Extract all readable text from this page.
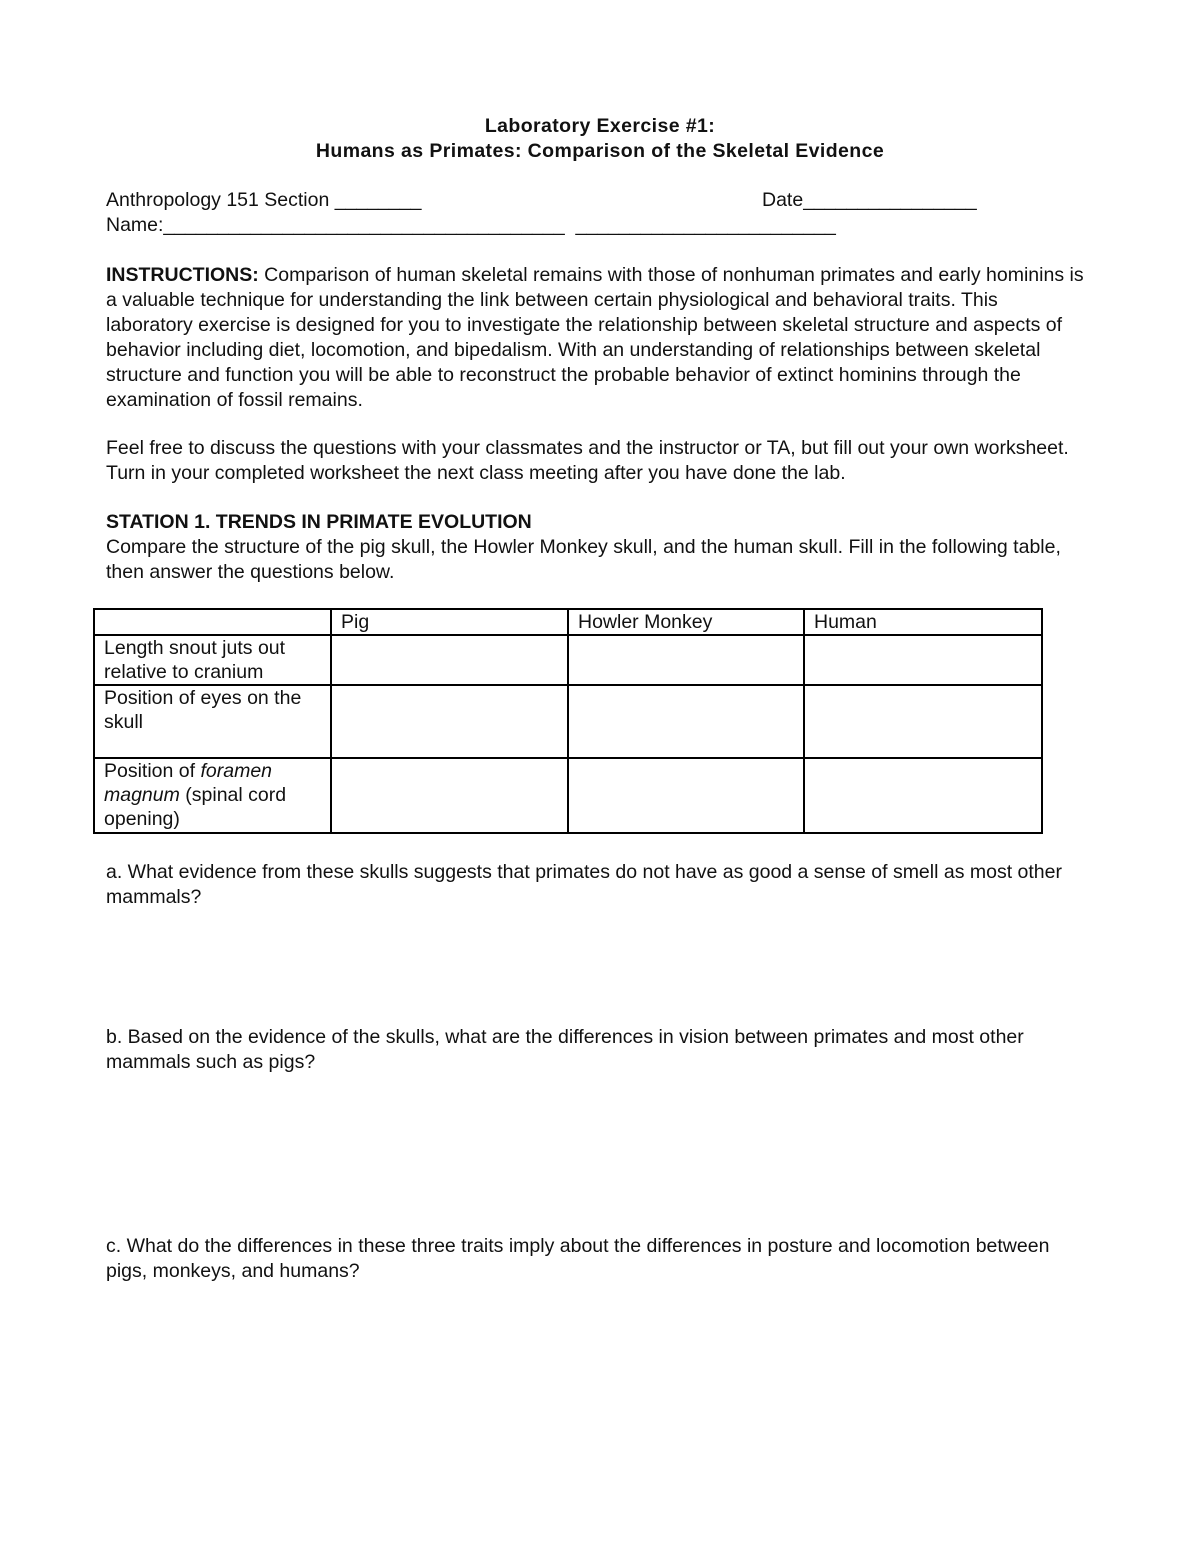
Laboratory Exercise #1:
Humans as Primates: Comparison of the Skeletal Evidence
Anthropology 151 Section ________	Date________________
Name:_____________________________________  ________________________

INSTRUCTIONS: Comparison of human skeletal remains with those of nonhuman primates and early hominins is a valuable technique for understanding the link between certain physiological and behavioral traits. This laboratory exercise is designed for you to investigate the relationship between skeletal structure and aspects of behavior including diet, locomotion, and bipedalism. With an understanding of relationships between skeletal structure and function you will be able to reconstruct the probable behavior of extinct hominins through the examination of fossil remains.

Feel free to discuss the questions with your classmates and the instructor or TA, but fill out your own worksheet. Turn in your completed worksheet the next class meeting after you have done the lab.
STATION 1. TRENDS IN PRIMATE EVOLUTION
Compare the structure of the pig skull, the Howler Monkey skull, and the human skull. Fill in the following table, then answer the questions below.
	Pig	Howler Monkey	Human
Length snout juts out relative to cranium			
Position of eyes on the skull			
Position of foramen magnum (spinal cord opening)			
a. What evidence from these skulls suggests that primates do not have as good a sense of smell as most other mammals?
b. Based on the evidence of the skulls, what are the differences in vision between primates and most other mammals such as pigs?
c. What do the differences in these three traits imply about the differences in posture and locomotion between pigs, monkeys, and humans?
